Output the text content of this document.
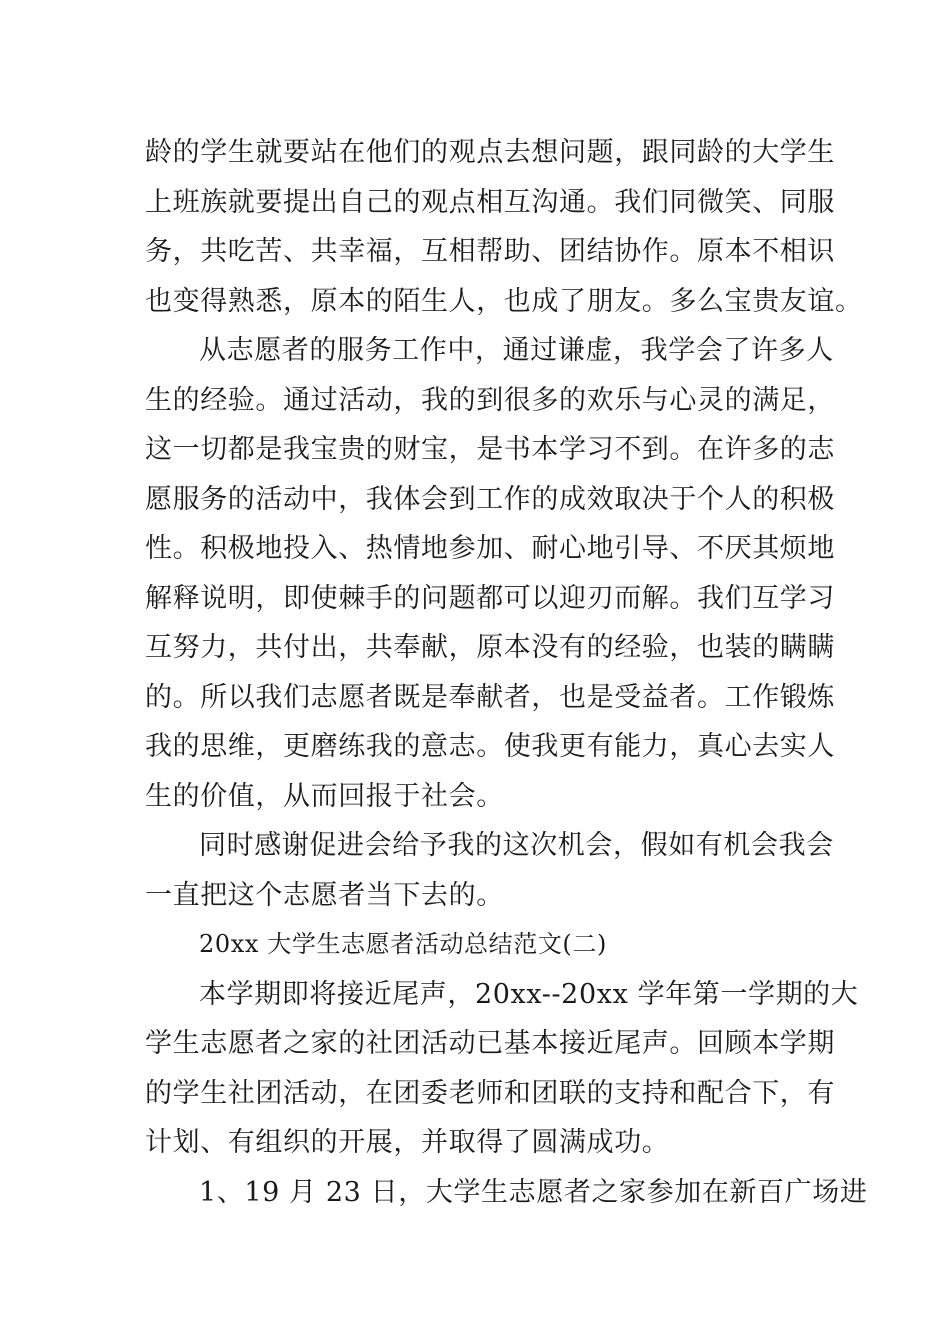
龄的学生就要站在他们的观点去想问题，跟同龄的大学生
上班族就要提出自己的观点相互沟通。我们同微笑、同服
务，共吃苦、共幸福，互相帮助、团结协作。原本不相识
也变得熟悉，原本的陌生人，也成了朋友。多么宝贵友谊。
从志愿者的服务工作中，通过谦虚，我学会了许多人
生的经验。通过活动，我的到很多的欢乐与心灵的满足，
这一切都是我宝贵的财宝，是书本学习不到。在许多的志
愿服务的活动中，我体会到工作的成效取决于个人的积极
性。积极地投入、热情地参加、耐心地引导、不厌其烦地
解释说明，即使棘手的问题都可以迎刃而解。我们互学习
互努力，共付出，共奉献，原本没有的经验，也装的瞒瞒
的。所以我们志愿者既是奉献者，也是受益者。工作锻炼
我的思维，更磨练我的意志。使我更有能力，真心去实人
生的价值，从而回报于社会。
同时感谢促进会给予我的这次机会，假如有机会我会
一直把这个志愿者当下去的。
20xx 大学生志愿者活动总结范文(二)
本学期即将接近尾声，20xx--20xx 学年第一学期的大
学生志愿者之家的社团活动已基本接近尾声。回顾本学期
的学生社团活动，在团委老师和团联的支持和配合下，有
计划、有组织的开展，并取得了圆满成功。
1、19 月 23 日，大学生志愿者之家参加在新百广场进
